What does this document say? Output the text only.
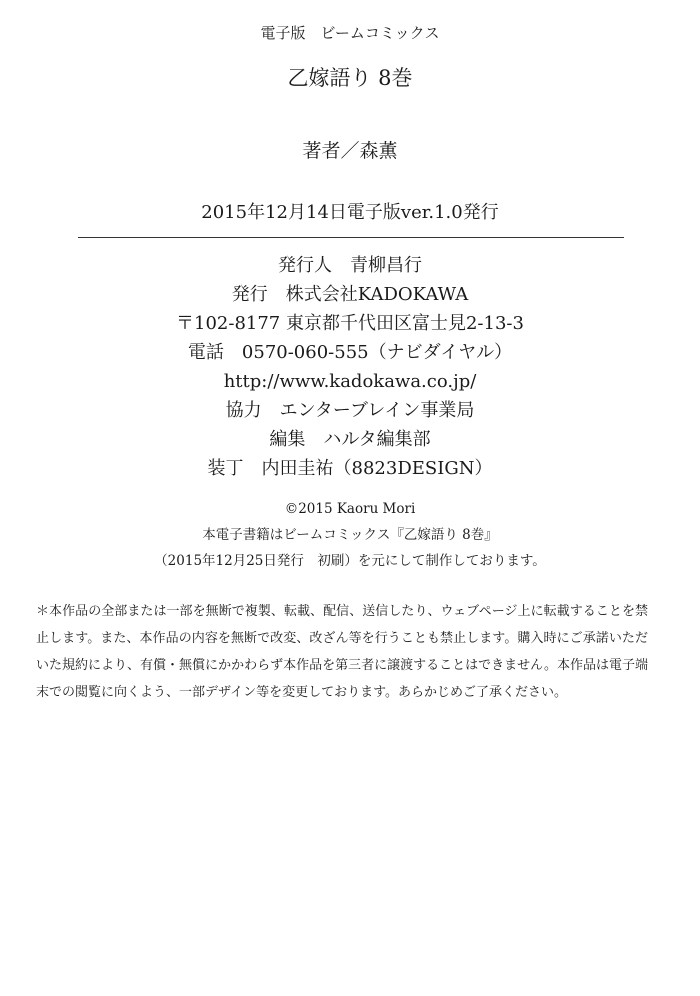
電子版　ビームコミックス
乙嫁語り 8巻
著者／森薫
2015年12月14日電子版ver.1.0発行
発行人　青柳昌行
発行　株式会社KADOKAWA
〒102-8177 東京都千代田区富士見2-13-3
電話　0570-060-555（ナビダイヤル）
http://www.kadokawa.co.jp/
協力　エンターブレイン事業局
編集　ハルタ編集部
装丁　内田圭祐（8823DESIGN）
©2015 Kaoru Mori
本電子書籍はビームコミックス『乙嫁語り 8巻』
（2015年12月25日発行　初刷）を元にして制作しております。
＊本作品の全部または一部を無断で複製、転載、配信、送信したり、ウェブページ上に転載することを禁止します。また、本作品の内容を無断で改変、改ざん等を行うことも禁止します。購入時にご承諾いただいた規約により、有償・無償にかかわらず本作品を第三者に譲渡することはできません。本作品は電子端末での閲覧に向くよう、一部デザイン等を変更しております。あらかじめご了承ください。
